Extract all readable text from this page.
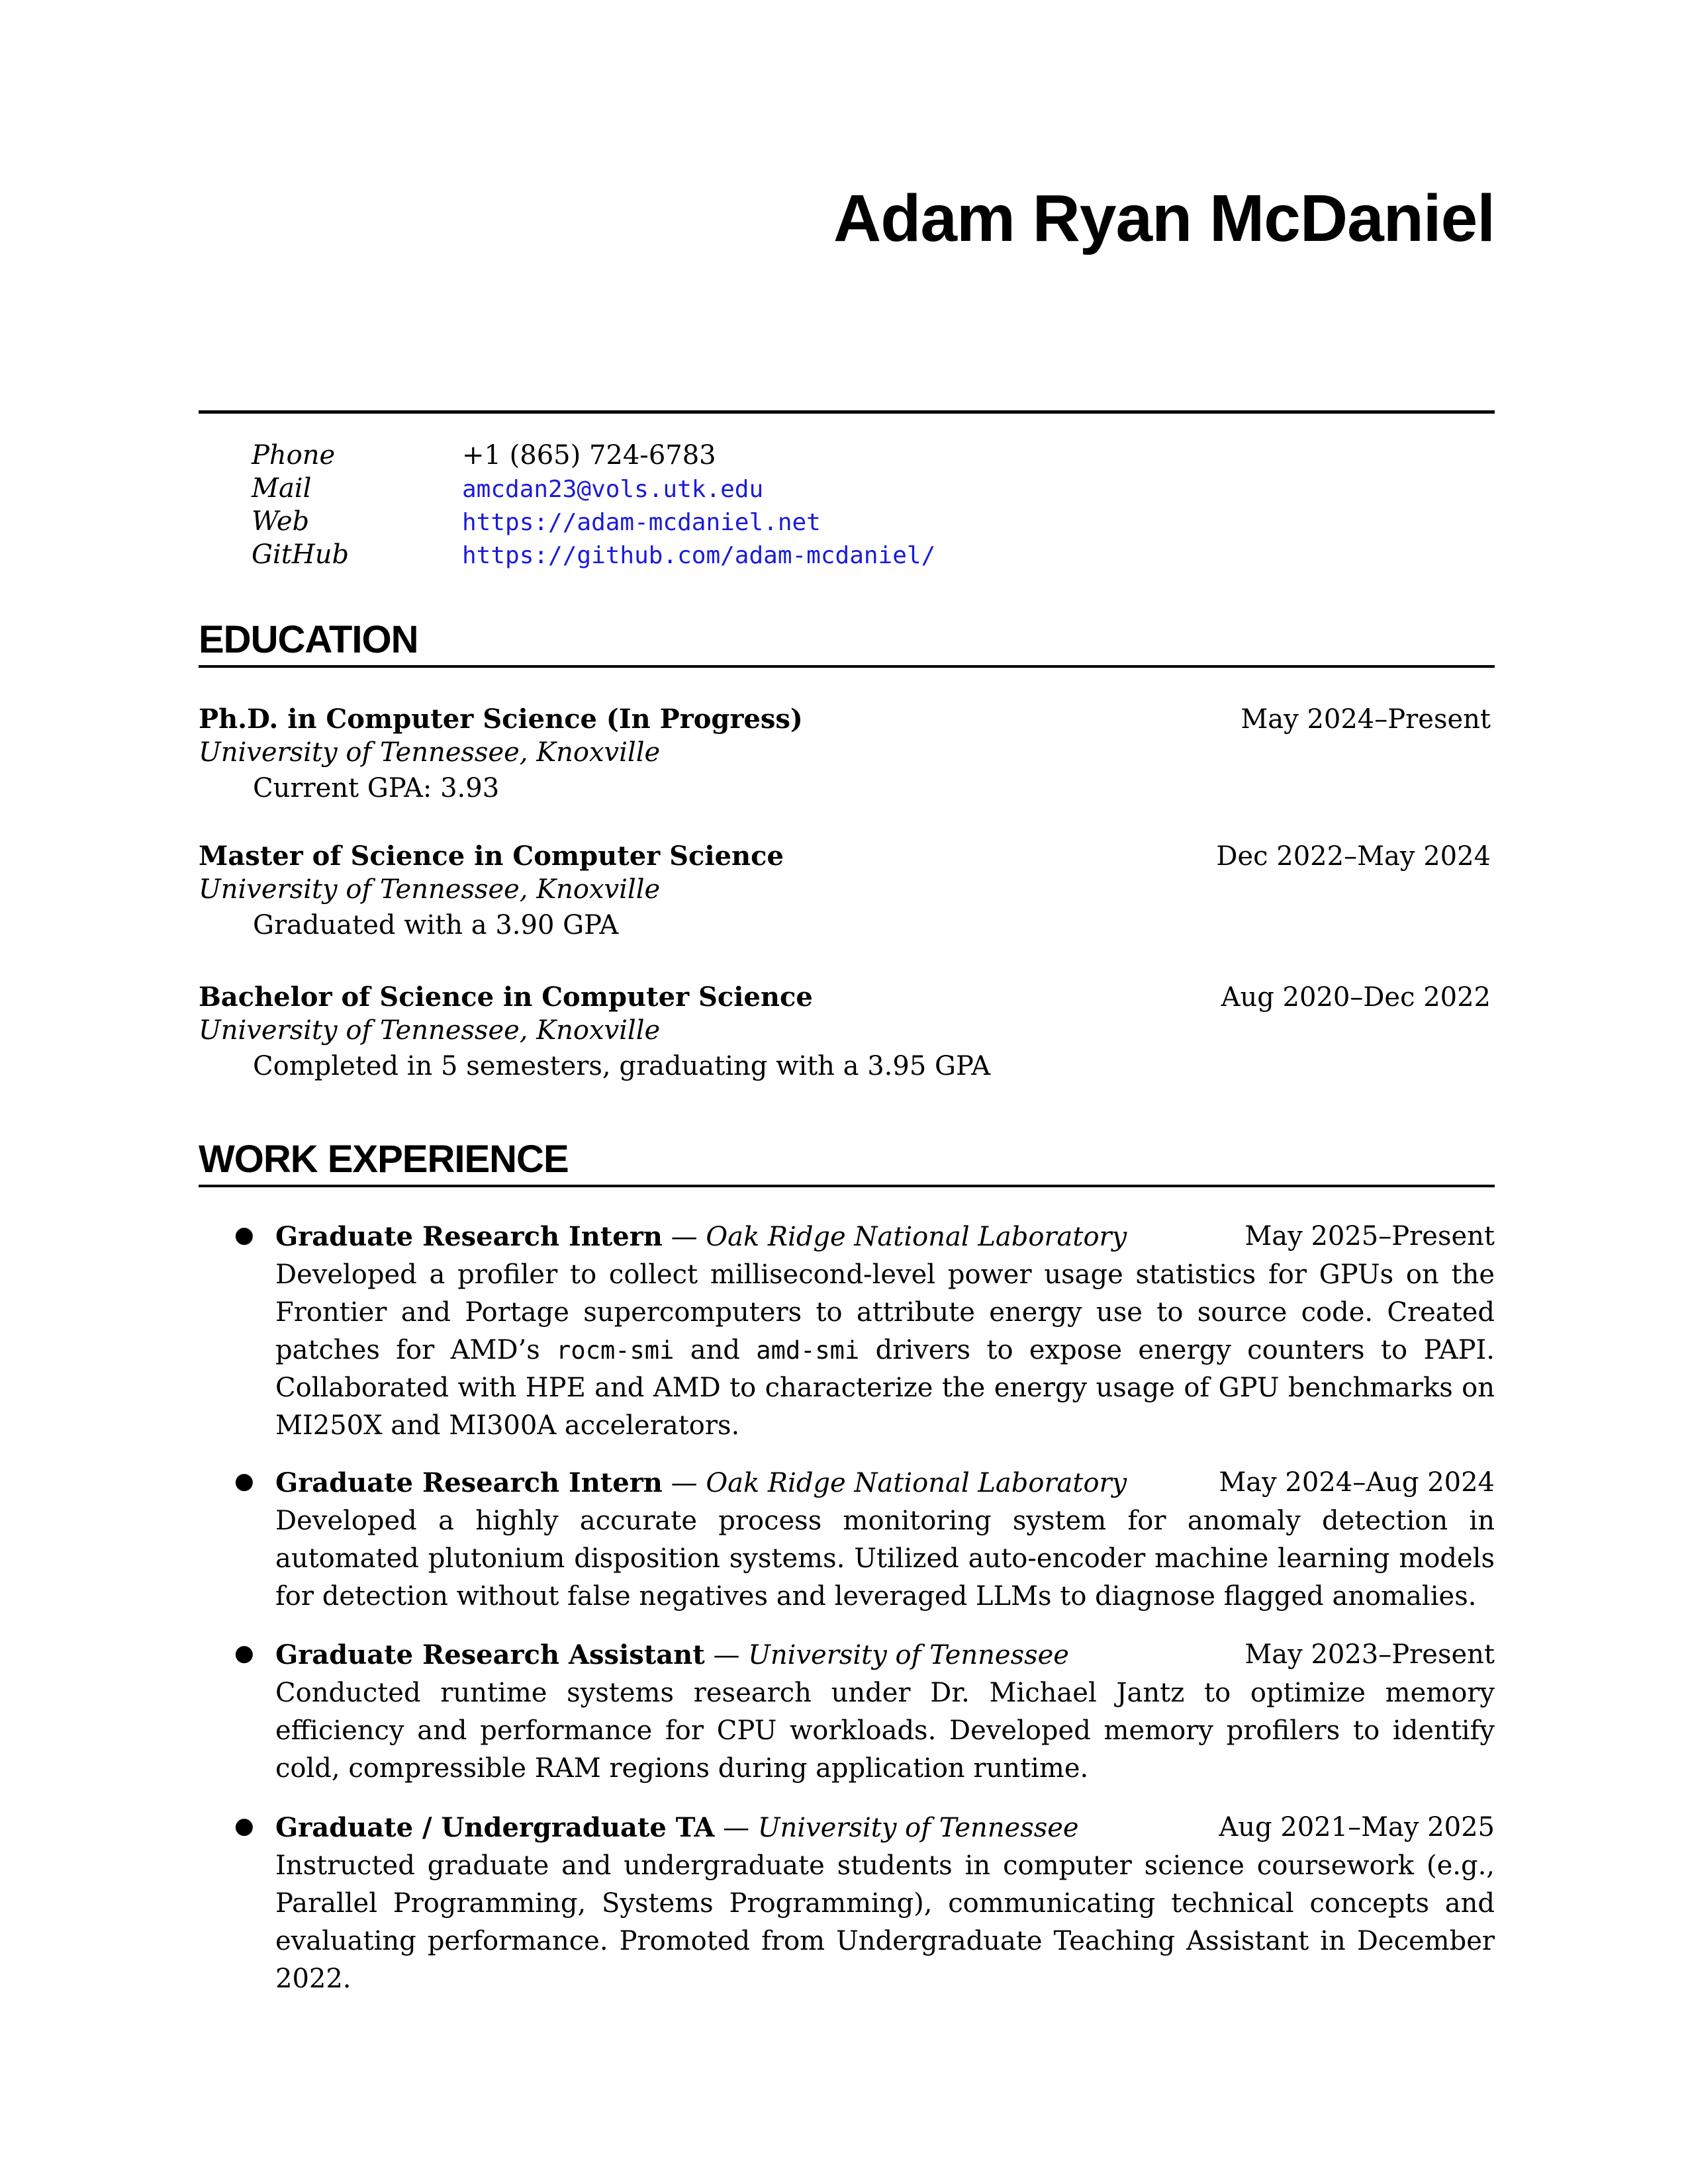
Adam Ryan McDaniel
Phone	+1 (865) 724-6783
Mail	amcdan23@vols.utk.edu
Web	https://adam-mcdaniel.net
GitHub	https://github.com/adam-mcdaniel/
EDUCATION
Ph.D. in Computer Science (In Progress)	May 2024–Present
University of Tennessee, Knoxville
Current GPA: 3.93
Master of Science in Computer Science	Dec 2022–May 2024
University of Tennessee, Knoxville
Graduated with a 3.90 GPA
Bachelor of Science in Computer Science	Aug 2020–Dec 2022
University of Tennessee, Knoxville
Completed in 5 semesters, graduating with a 3.95 GPA
WORK EXPERIENCE
● Graduate Research Intern — Oak Ridge National Laboratory	May 2025–Present
Developed a profiler to collect millisecond-level power usage statistics for GPUs on the Frontier and Portage supercomputers to attribute energy use to source code. Created patches for AMD’s rocm-smi and amd-smi drivers to expose energy counters to PAPI. Collaborated with HPE and AMD to characterize the energy usage of GPU benchmarks on MI250X and MI300A accelerators.
● Graduate Research Intern — Oak Ridge National Laboratory	May 2024–Aug 2024
Developed a highly accurate process monitoring system for anomaly detection in automated plutonium disposition systems. Utilized auto-encoder machine learning models for detection without false negatives and leveraged LLMs to diagnose flagged anomalies.
● Graduate Research Assistant — University of Tennessee	May 2023–Present
Conducted runtime systems research under Dr. Michael Jantz to optimize memory efficiency and performance for CPU workloads. Developed memory profilers to identify cold, compressible RAM regions during application runtime.
● Graduate / Undergraduate TA — University of Tennessee	Aug 2021–May 2025
Instructed graduate and undergraduate students in computer science coursework (e.g., Parallel Programming, Systems Programming), communicating technical concepts and evaluating performance. Promoted from Undergraduate Teaching Assistant in December 2022.
